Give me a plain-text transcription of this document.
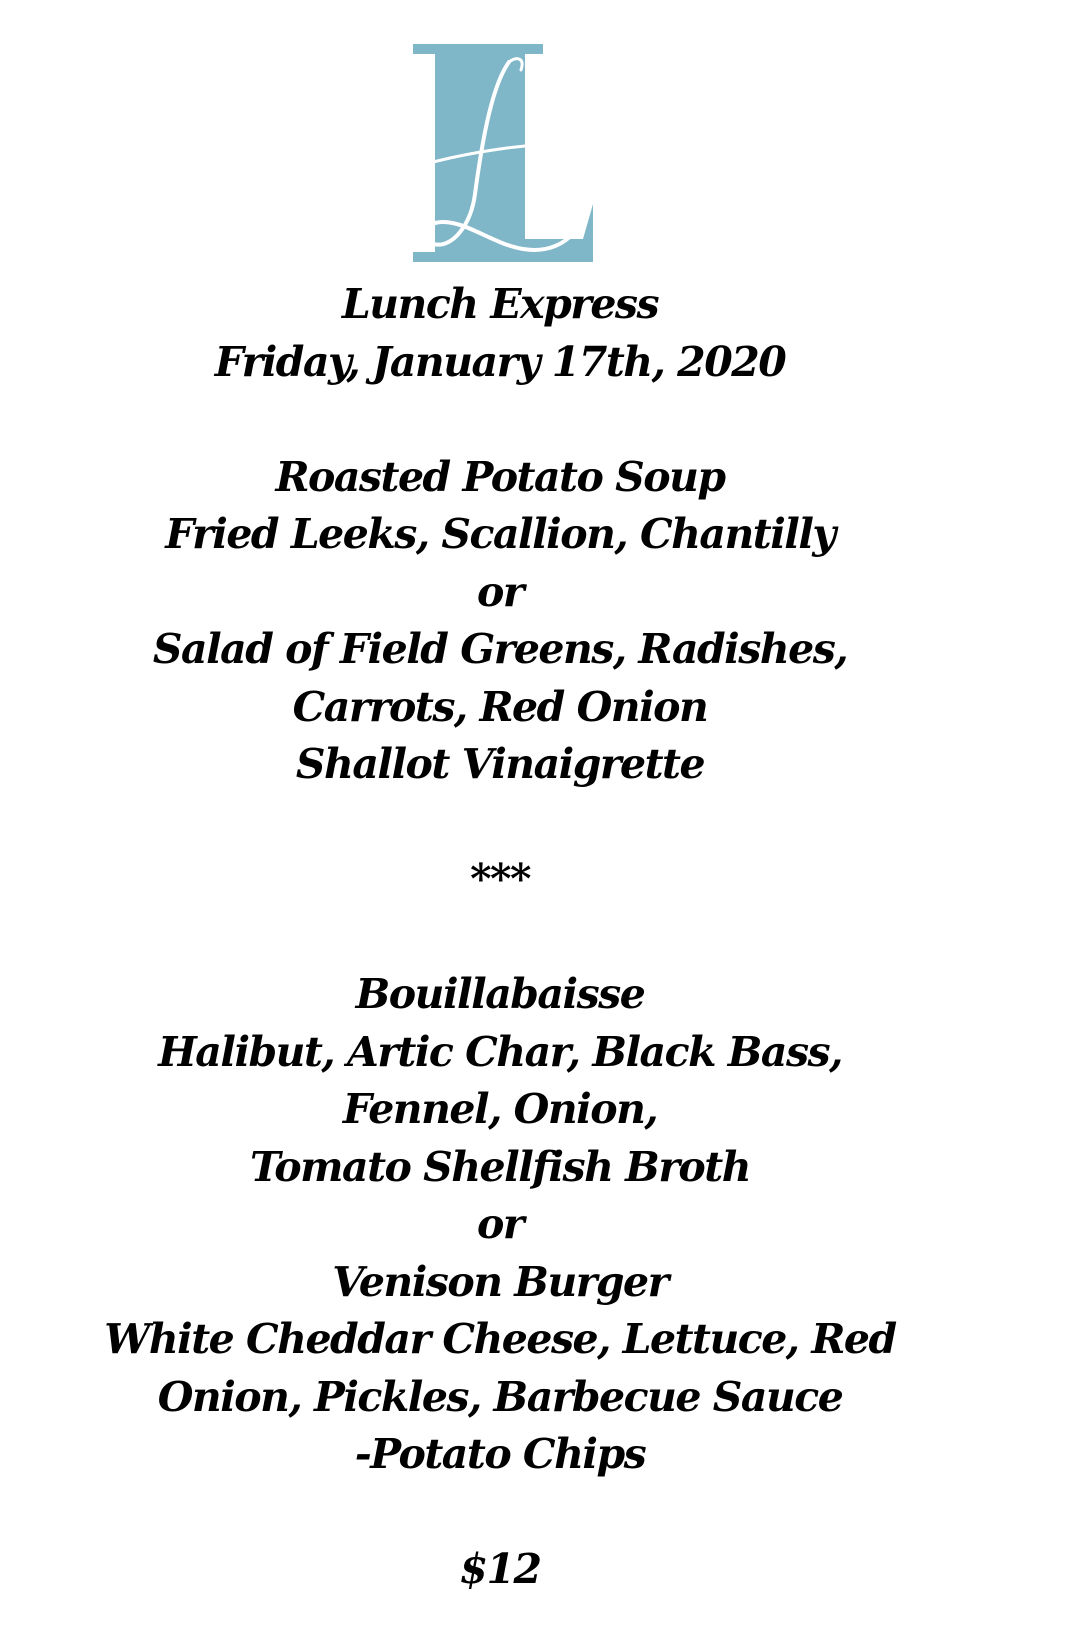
Lunch Express
Friday, January 17th, 2020
Roasted Potato Soup
Fried Leeks, Scallion, Chantilly
or
Salad of Field Greens, Radishes,
Carrots, Red Onion
Shallot Vinaigrette
***
Bouillabaisse
Halibut, Artic Char, Black Bass,
Fennel, Onion,
Tomato Shellfish Broth
or
Venison Burger
White Cheddar Cheese, Lettuce, Red
Onion, Pickles, Barbecue Sauce
-Potato Chips
$12
